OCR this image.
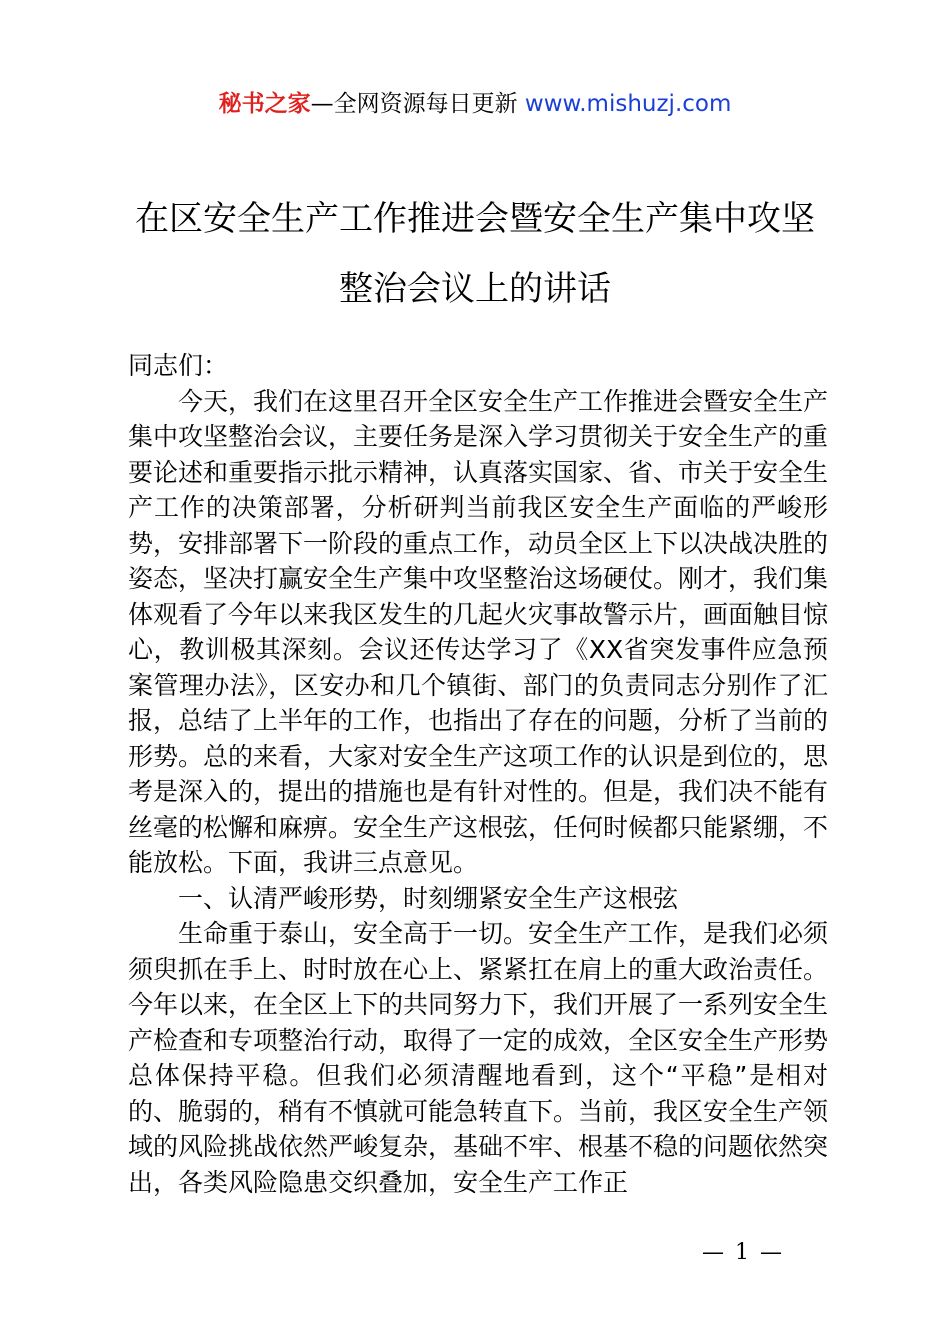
秘书之家—全网资源每日更新 www.mishuzj.com
在区安全生产工作推进会暨安全生产集中攻坚
整治会议上的讲话

同志们：

今天，我们在这里召开全区安全生产工作推进会暨安全生产集中攻坚整治会议，主要任务是深入学习贯彻关于安全生产的重要论述和重要指示批示精神，认真落实国家、省、市关于安全生产工作的决策部署，分析研判当前我区安全生产面临的严峻形势，安排部署下一阶段的重点工作，动员全区上下以决战决胜的姿态，坚决打赢安全生产集中攻坚整治这场硬仗。刚才，我们集体观看了今年以来我区发生的几起火灾事故警示片，画面触目惊心，教训极其深刻。会议还传达学习了《XX省突发事件应急预案管理办法》，区安办和几个镇街、部门的负责同志分别作了汇报，总结了上半年的工作，也指出了存在的问题，分析了当前的形势。总的来看，大家对安全生产这项工作的认识是到位的，思考是深入的，提出的措施也是有针对性的。但是，我们决不能有丝毫的松懈和麻痹。安全生产这根弦，任何时候都只能紧绷，不能放松。下面，我讲三点意见。

一、认清严峻形势，时刻绷紧安全生产这根弦

生命重于泰山，安全高于一切。安全生产工作，是我们必须须臾抓在手上、时时放在心上、紧紧扛在肩上的重大政治责任。今年以来，在全区上下的共同努力下，我们开展了一系列安全生产检查和专项整治行动，取得了一定的成效，全区安全生产形势总体保持平稳。但我们必须清醒地看到，这个“平稳”是相对的、脆弱的，稍有不慎就可能急转直下。当前，我区安全生产领域的风险挑战依然严峻复杂，基础不牢、根基不稳的问题依然突出，各类风险隐患交织叠加，安全生产工作正

— 1 —
